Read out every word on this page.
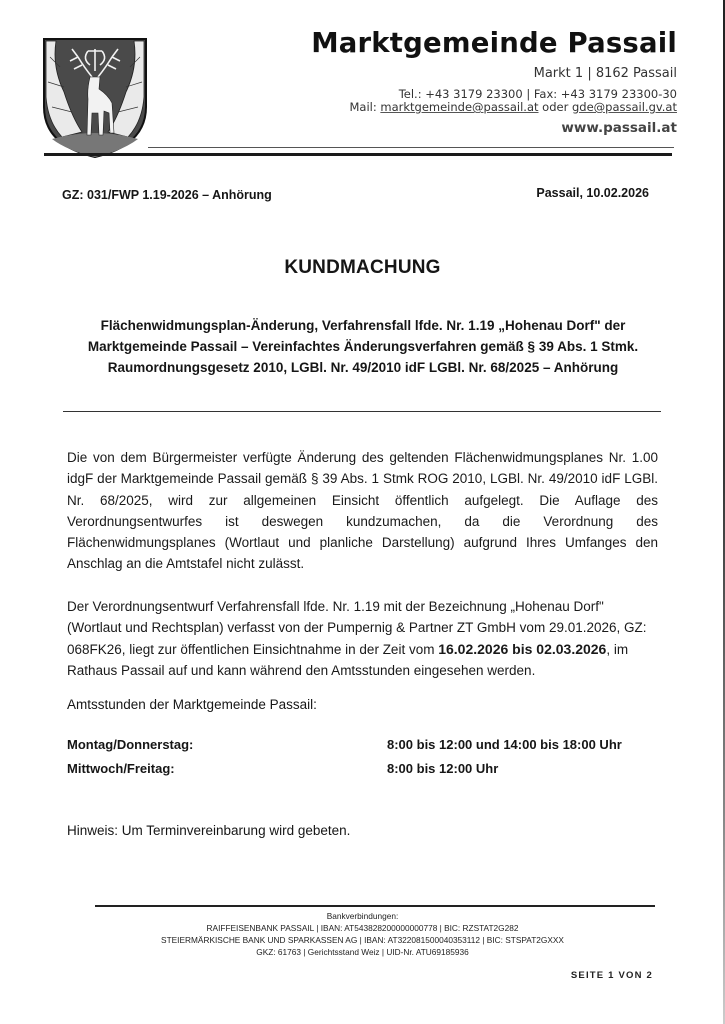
Marktgemeinde Passail
Markt 1 | 8162 Passail
Tel.: +43 3179 23300 | Fax: +43 3179 23300-30
Mail: marktgemeinde@passail.at oder gde@passail.gv.at
www.passail.at
GZ: 031/FWP 1.19-2026 – Anhörung	Passail, 10.02.2026
KUNDMACHUNG
Flächenwidmungsplan-Änderung, Verfahrensfall lfde. Nr. 1.19 „Hohenau Dorf" der Marktgemeinde Passail – Vereinfachtes Änderungsverfahren gemäß § 39 Abs. 1 Stmk. Raumordnungsgesetz 2010, LGBl. Nr. 49/2010 idF LGBl. Nr. 68/2025 – Anhörung
Die von dem Bürgermeister verfügte Änderung des geltenden Flächenwidmungsplanes Nr. 1.00 idgF der Marktgemeinde Passail gemäß § 39 Abs. 1 Stmk ROG 2010, LGBl. Nr. 49/2010 idF LGBl. Nr. 68/2025, wird zur allgemeinen Einsicht öffentlich aufgelegt. Die Auflage des Verordnungsentwurfes ist deswegen kundzumachen, da die Verordnung des Flächenwidmungsplanes (Wortlaut und planliche Darstellung) aufgrund Ihres Umfanges den Anschlag an die Amtstafel nicht zulässt.
Der Verordnungsentwurf Verfahrensfall lfde. Nr. 1.19 mit der Bezeichnung „Hohenau Dorf" (Wortlaut und Rechtsplan) verfasst von der Pumpernig & Partner ZT GmbH vom 29.01.2026, GZ: 068FK26, liegt zur öffentlichen Einsichtnahme in der Zeit vom 16.02.2026 bis 02.03.2026, im Rathaus Passail auf und kann während den Amtsstunden eingesehen werden.
Amtsstunden der Marktgemeinde Passail:
Montag/Donnerstag:	8:00 bis 12:00 und 14:00 bis 18:00 Uhr
Mittwoch/Freitag:	8:00 bis 12:00 Uhr
Hinweis: Um Terminvereinbarung wird gebeten.
Bankverbindungen:
RAIFFEISENBANK PASSAIL | IBAN: AT543828200000000778 | BIC: RZSTAT2G282
STEIERMÄRKISCHE BANK UND SPARKASSEN AG | IBAN: AT322081500040353112 | BIC: STSPAT2GXXX
GKZ: 61763 | Gerichtsstand Weiz | UID-Nr. ATU69185936
SEITE 1 VON 2
